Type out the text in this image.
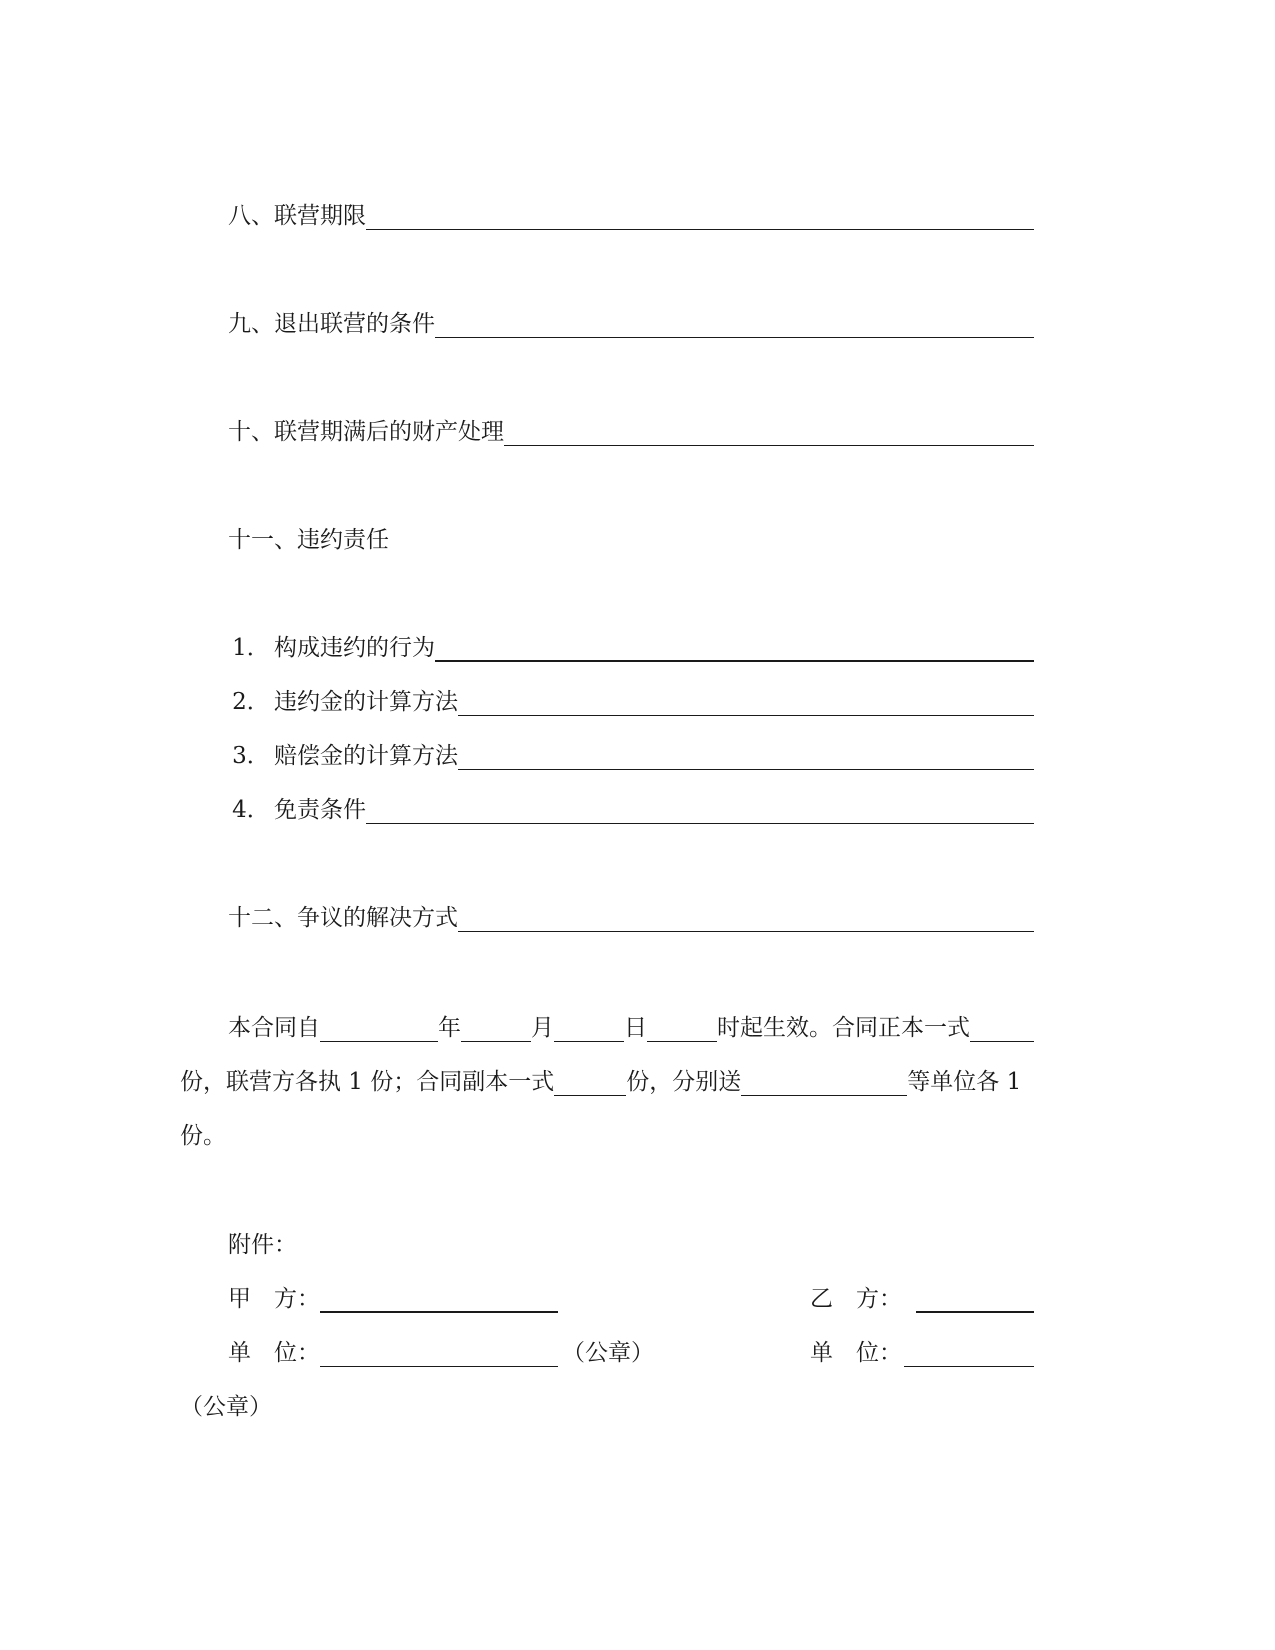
八、联营期限
九、退出联营的条件
十、联营期满后的财产处理
十一、违约责任
1． 构成违约的行为
2． 违约金的计算方法
3． 赔偿金的计算方法
4． 免责条件
十二、争议的解决方式
本合同自	年	月	日	时起生效。合同正本一式
份，联营方各执 1 份；合同副本一式	份，分别送	等单位各 1
份。
附件：
甲	方：	乙	方：
单	位：	（公章）	单	位：
（公章）
